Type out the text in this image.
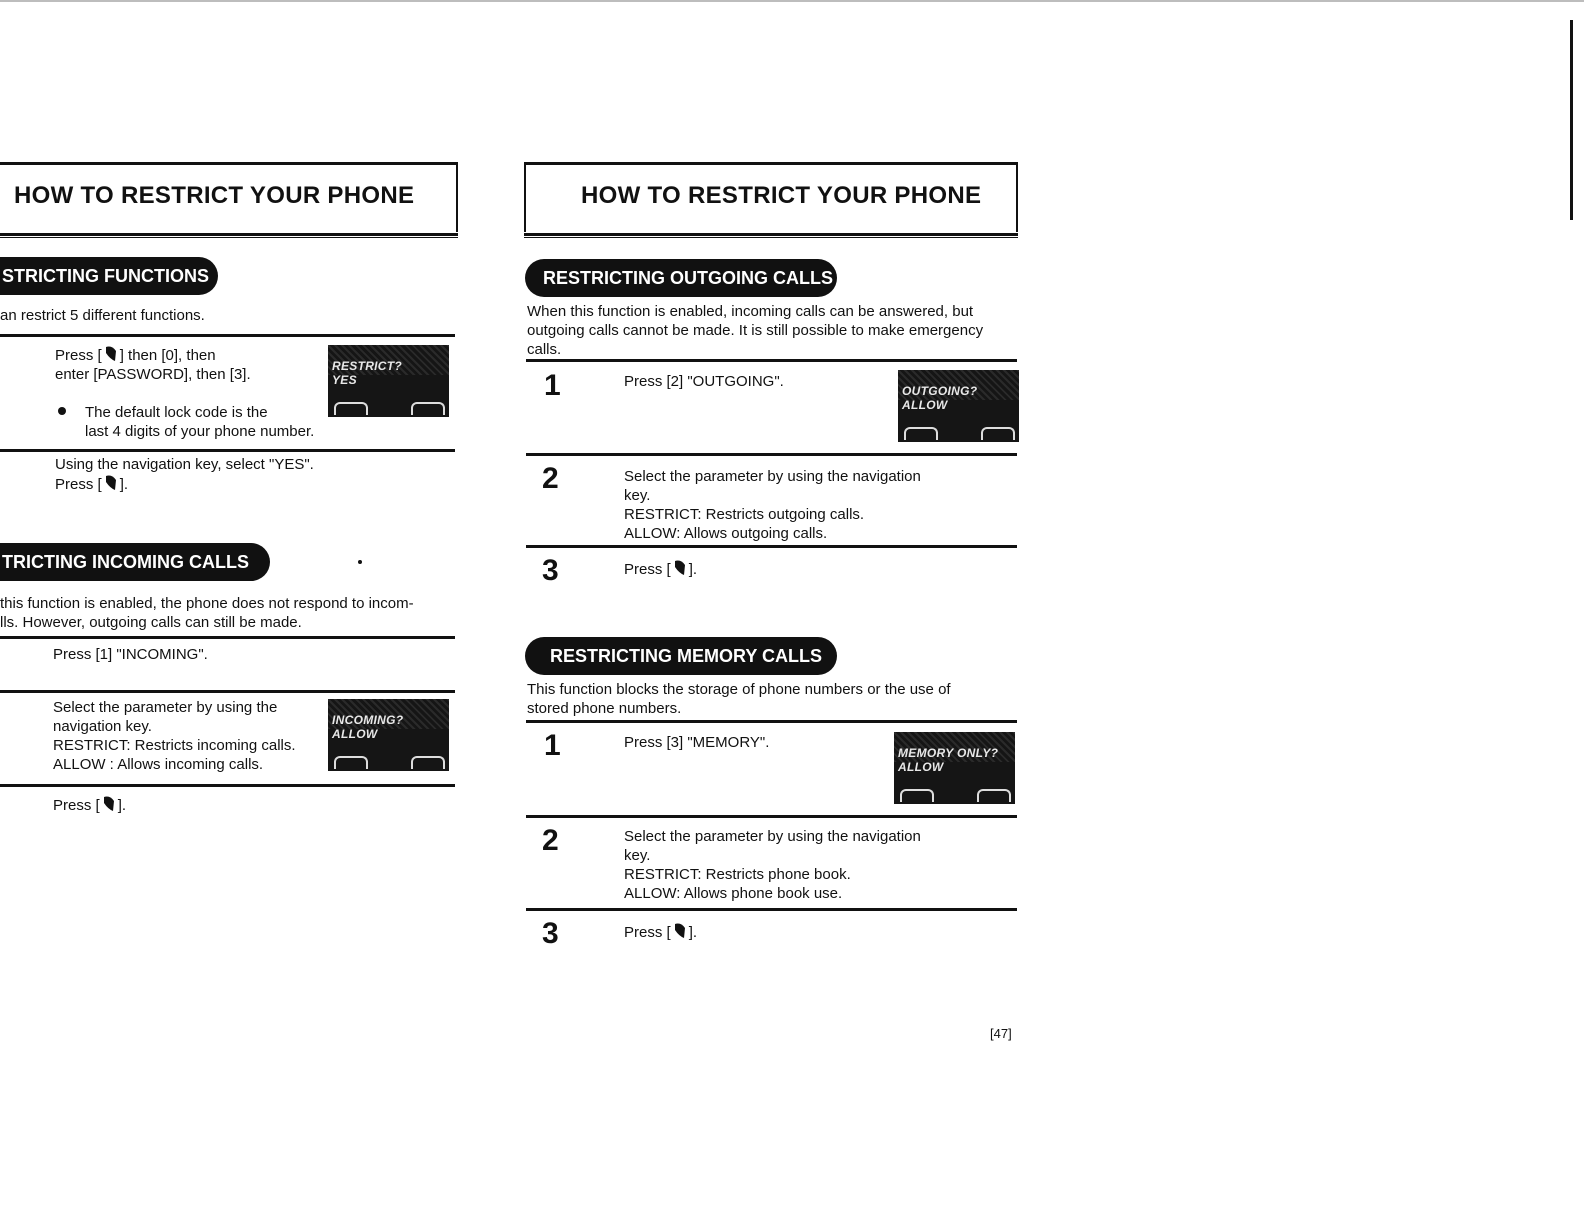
HOW TO RESTRICT YOUR PHONE
STRICTING FUNCTIONS
an restrict 5 different functions.
Press [ ] then [0], then
enter [PASSWORD], then [3].
The default lock code is the
last 4 digits of your phone number.
RESTRICT?
YES
Using the navigation key, select "YES".
Press [ ].
TRICTING INCOMING CALLS
this function is enabled, the phone does not respond to incom-
lls. However, outgoing calls can still be made.
Press [1] "INCOMING".
Select the parameter by using the
navigation key.
RESTRICT: Restricts incoming calls.
ALLOW : Allows incoming calls.
INCOMING?
ALLOW
Press [ ].
HOW TO RESTRICT YOUR PHONE
RESTRICTING OUTGOING CALLS
When this function is enabled, incoming calls can be answered, but
outgoing calls cannot be made. It is still possible to make emergency
calls.
1	Press [2] "OUTGOING".
OUTGOING?
ALLOW
2	Select the parameter by using the navigation
key.
RESTRICT: Restricts outgoing calls.
ALLOW: Allows outgoing calls.
3	Press [ ].
RESTRICTING MEMORY CALLS
This function blocks the storage of phone numbers or the use of
stored phone numbers.
1	Press [3] "MEMORY".
MEMORY ONLY?
ALLOW
2	Select the parameter by using the navigation
key.
RESTRICT: Restricts phone book.
ALLOW: Allows phone book use.
3	Press [ ].
[47]
